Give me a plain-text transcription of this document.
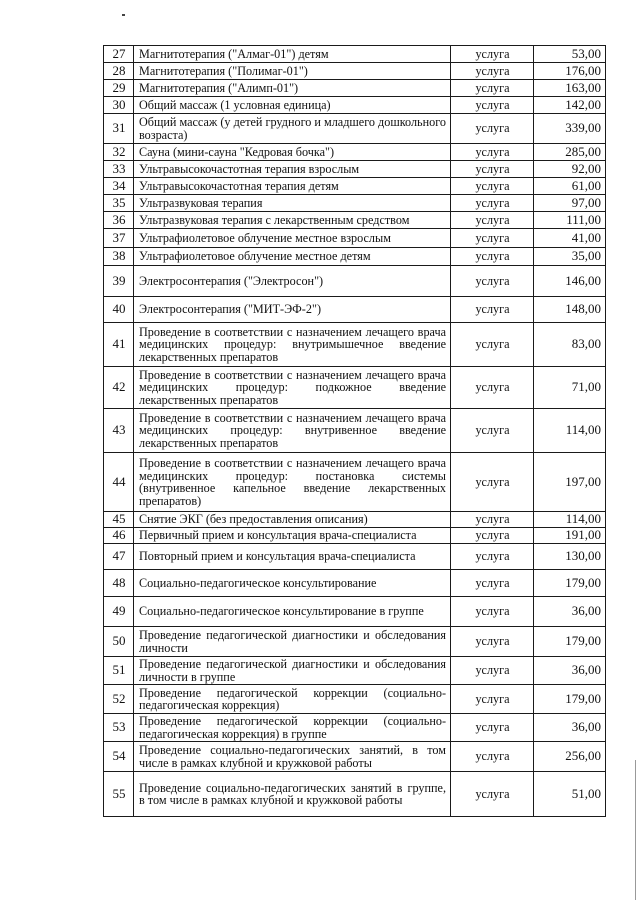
27	Магнитотерапия ("Алмаг-01") детям	услуга	53,00
28	Магнитотерапия ("Полимаг-01")	услуга	176,00
29	Магнитотерапия ("Алимп-01")	услуга	163,00
30	Общий массаж (1 условная единица)	услуга	142,00
31	Общий массаж (у детей грудного и младшего дошкольного возраста)	услуга	339,00
32	Сауна (мини-сауна "Кедровая бочка")	услуга	285,00
33	Ультравысокочастотная терапия взрослым	услуга	92,00
34	Ультравысокочастотная терапия детям	услуга	61,00
35	Ультразвуковая терапия	услуга	97,00
36	Ультразвуковая терапия с лекарственным средством	услуга	111,00
37	Ультрафиолетовое облучение местное взрослым	услуга	41,00
38	Ультрафиолетовое облучение местное детям	услуга	35,00
39	Электросонтерапия ("Электросон")	услуга	146,00
40	Электросонтерапия ("МИТ-ЭФ-2")	услуга	148,00
41	Проведение в соответствии с назначением лечащего врача медицинских процедур: внутримышечное введение лекарственных препаратов	услуга	83,00
42	Проведение в соответствии с назначением лечащего врача медицинских процедур: подкожное введение лекарственных препаратов	услуга	71,00
43	Проведение в соответствии с назначением лечащего врача медицинских процедур: внутривенное введение лекарственных препаратов	услуга	114,00
44	Проведение в соответствии с назначением лечащего врача медицинских процедур: постановка системы (внутривенное капельное введение лекарственных препаратов)	услуга	197,00
45	Снятие ЭКГ (без предоставления описания)	услуга	114,00
46	Первичный прием и консультация врача-специалиста	услуга	191,00
47	Повторный прием и консультация врача-специалиста	услуга	130,00
48	Социально-педагогическое консультирование	услуга	179,00
49	Социально-педагогическое консультирование в группе	услуга	36,00
50	Проведение педагогической диагностики и обследования личности	услуга	179,00
51	Проведение педагогической диагностики и обследования личности в группе	услуга	36,00
52	Проведение педагогической коррекции (социально-педагогическая коррекция)	услуга	179,00
53	Проведение педагогической коррекции (социально-педагогическая коррекция) в группе	услуга	36,00
54	Проведение социально-педагогических занятий, в том числе в рамках клубной и кружковой работы	услуга	256,00
55	Проведение социально-педагогических занятий в группе, в том числе в рамках клубной и кружковой работы	услуга	51,00
